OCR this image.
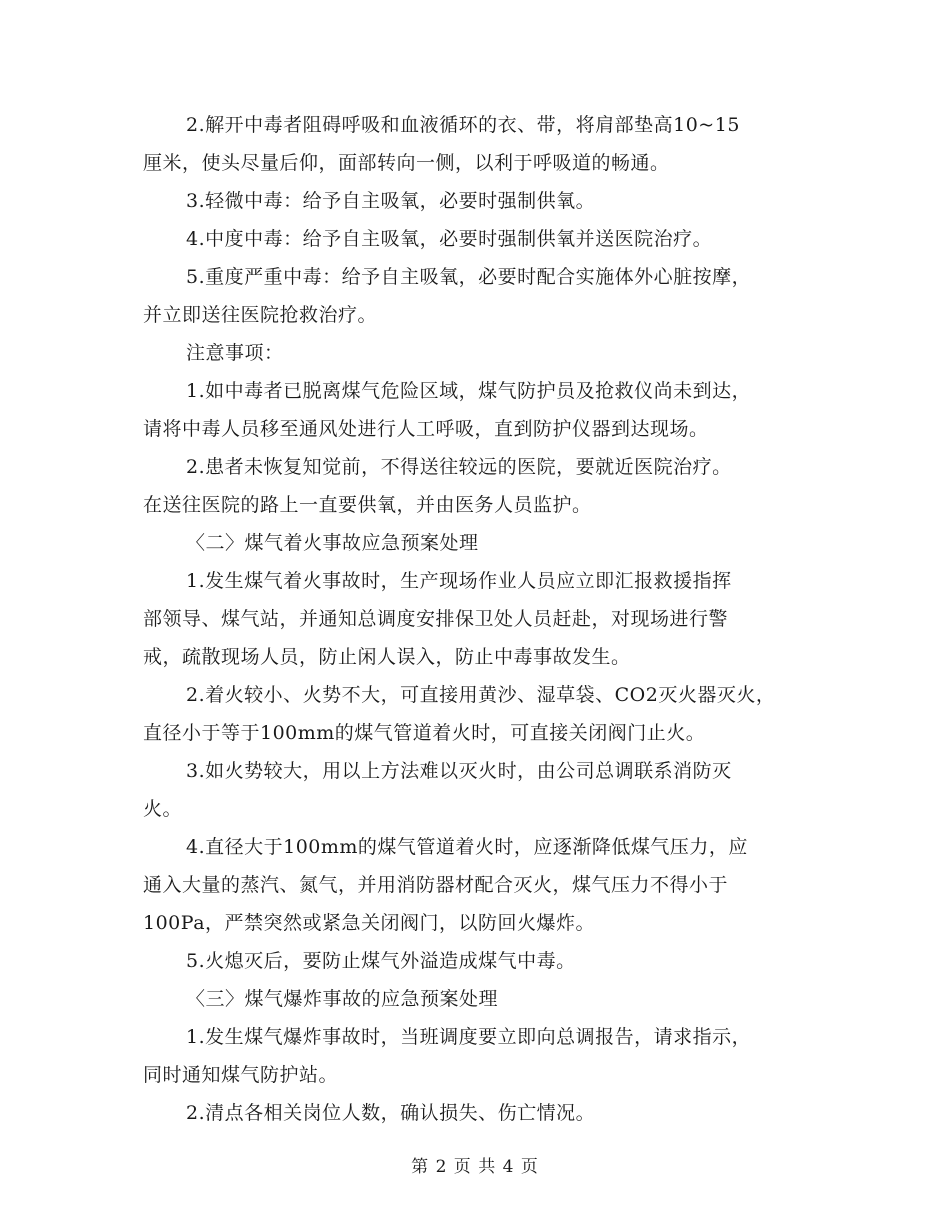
2.解开中毒者阻碍呼吸和血液循环的衣、带，将肩部垫高10~15
厘米，使头尽量后仰，面部转向一侧，以利于呼吸道的畅通。
3.轻微中毒：给予自主吸氧，必要时强制供氧。
4.中度中毒：给予自主吸氧，必要时强制供氧并送医院治疗。
5.重度严重中毒：给予自主吸氧，必要时配合实施体外心脏按摩，
并立即送往医院抢救治疗。
注意事项：
1.如中毒者已脱离煤气危险区域，煤气防护员及抢救仪尚未到达，
请将中毒人员移至通风处进行人工呼吸，直到防护仪器到达现场。
2.患者未恢复知觉前，不得送往较远的医院，要就近医院治疗。
在送往医院的路上一直要供氧，并由医务人员监护。
〈二〉煤气着火事故应急预案处理
1.发生煤气着火事故时，生产现场作业人员应立即汇报救援指挥
部领导、煤气站，并通知总调度安排保卫处人员赶赴，对现场进行警
戒，疏散现场人员，防止闲人误入，防止中毒事故发生。
2.着火较小、火势不大，可直接用黄沙、湿草袋、CO2灭火器灭火，
直径小于等于100mm的煤气管道着火时，可直接关闭阀门止火。
3.如火势较大，用以上方法难以灭火时，由公司总调联系消防灭
火。
4.直径大于100mm的煤气管道着火时，应逐渐降低煤气压力，应
通入大量的蒸汽、氮气，并用消防器材配合灭火，煤气压力不得小于
100Pa，严禁突然或紧急关闭阀门，以防回火爆炸。
5.火熄灭后，要防止煤气外溢造成煤气中毒。
〈三〉煤气爆炸事故的应急预案处理
1.发生煤气爆炸事故时，当班调度要立即向总调报告，请求指示，
同时通知煤气防护站。
2.清点各相关岗位人数，确认损失、伤亡情况。
第 2 页 共 4 页
